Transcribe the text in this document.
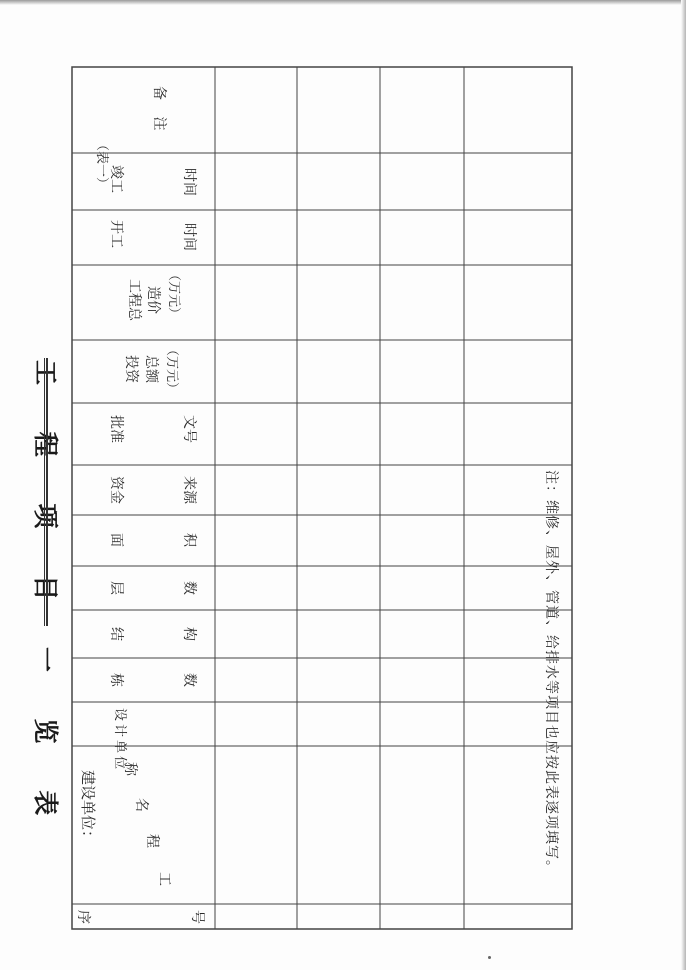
工 程 项 目 一 览 表 建设单位：
（表一）
序	号
工
程
名
称
设计单位
栋	数
结	构
层	数
面	积
资金	来源
批准	文号
投资 总额 （万元）
工程总 造价 （万元）
开工	时间
竣工	时间
备 注
注：维修、屋外、管道、给排水等项目也应按此表逐项填写。
